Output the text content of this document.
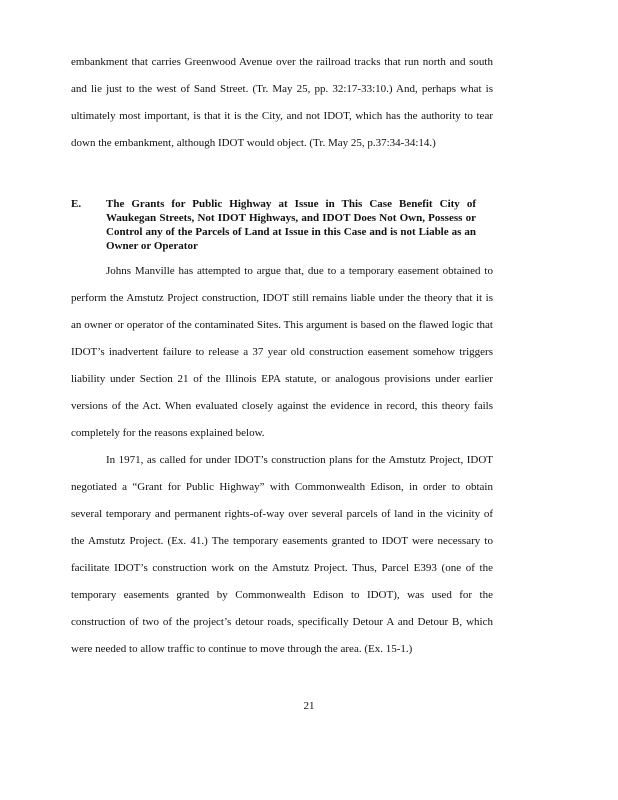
embankment that carries Greenwood Avenue over the railroad tracks that run north and south and lie just to the west of Sand Street. (Tr. May 25, pp. 32:17-33:10.) And, perhaps what is ultimately most important, is that it is the City, and not IDOT, which has the authority to tear down the embankment, although IDOT would object. (Tr. May 25, p.37:34-34:14.)

E. The Grants for Public Highway at Issue in This Case Benefit City of Waukegan Streets, Not IDOT Highways, and IDOT Does Not Own, Possess or Control any of the Parcels of Land at Issue in this Case and is not Liable as an Owner or Operator

Johns Manville has attempted to argue that, due to a temporary easement obtained to perform the Amstutz Project construction, IDOT still remains liable under the theory that it is an owner or operator of the contaminated Sites. This argument is based on the flawed logic that IDOT’s inadvertent failure to release a 37 year old construction easement somehow triggers liability under Section 21 of the Illinois EPA statute, or analogous provisions under earlier versions of the Act. When evaluated closely against the evidence in record, this theory fails completely for the reasons explained below.

In 1971, as called for under IDOT’s construction plans for the Amstutz Project, IDOT negotiated a “Grant for Public Highway” with Commonwealth Edison, in order to obtain several temporary and permanent rights-of-way over several parcels of land in the vicinity of the Amstutz Project. (Ex. 41.) The temporary easements granted to IDOT were necessary to facilitate IDOT’s construction work on the Amstutz Project. Thus, Parcel E393 (one of the temporary easements granted by Commonwealth Edison to IDOT), was used for the construction of two of the project’s detour roads, specifically Detour A and Detour B, which were needed to allow traffic to continue to move through the area. (Ex. 15-1.)

21
